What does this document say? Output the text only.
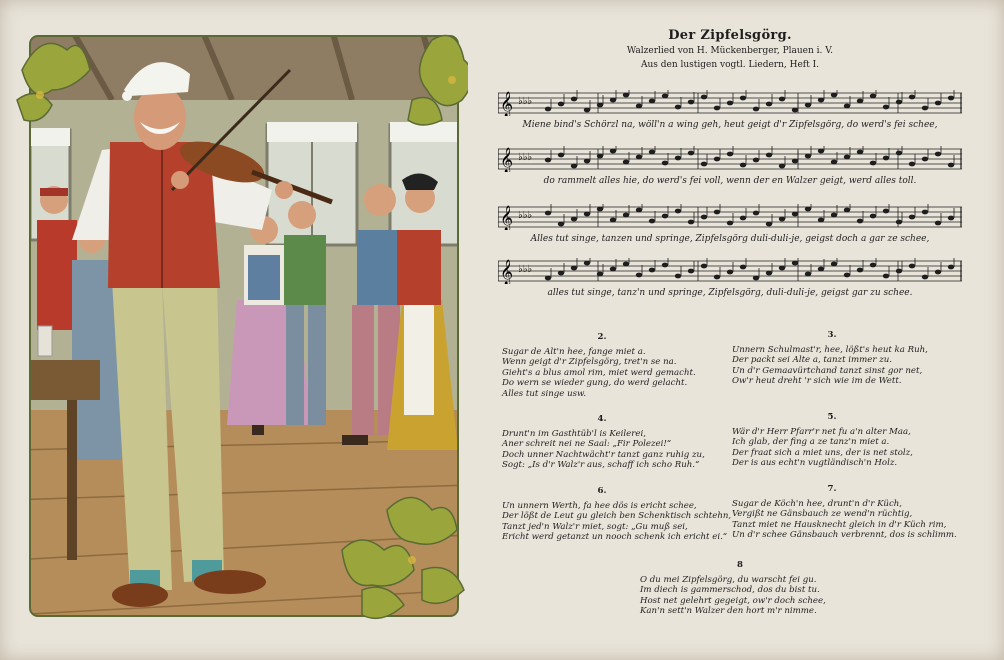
Der Zipfelsgörg.
Walzerlied von H. Mückenberger, Plauen i. V.
Aus den lustigen vogtl. Liedern, Heft I.
𝄞 ♭♭♭
Miene bind's Schörzl na, wöll'n a wing geh, heut geigt d'r Zipfelsgörg, do werd's fei schee,
𝄞 ♭♭♭
do rammelt alles hie, do werd's fei voll, wenn der en Walzer geigt, werd alles toll.
𝄞 ♭♭♭
Alles tut singe, tanzen und springe, Zipfelsgörg duli-duli-je, geigst doch a gar ze schee,
𝄞 ♭♭♭
alles tut singe, tanz'n und springe, Zipfelsgörg, duli-duli-je, geigst gar zu schee.
2.
Sugar de Alt'n hee, fange miet a.
Wenn geigt d'r Zipfelsgörg, tret'n se na.
Gieht's a blus amol rim, miet werd gemacht.
Do wern se wieder gung, do werd gelacht.
Alles tut singe usw.
3.
Unnern Schulmast'r, hee, lößt's heut ka Ruh,
Der packt sei Alte a, tanzt immer zu.
Un d'r Gemaavürtchand tanzt sinst gor net,
Ow'r heut dreht 'r sich wie im de Wett.
4.
Drunt'n im Gasthtüb'l is Keilerei,
Aner schreit nei ne Saal: „Fir Polezei!“
Doch unner Nachtwächt'r tanzt ganz ruhig zu,
Sogt: „Is d'r Walz'r aus, schaff ich scho Ruh.“
5.
Wär d'r Herr Pfarr'r net fu a'n alter Maa,
Ich glab, der fing a ze tanz'n miet a.
Der fraat sich a miet uns, der is net stolz,
Der is aus echt'n vugtländisch'n Holz.
6.
Un unnern Werth, fa hee dös is ericht schee,
Der lößt de Leut gu gleich ben Schenktisch schtehn,
Tanzt jed'n Walz'r miet, sogt: „Gu muß sei,
Ericht werd getanzt un nooch schenk ich ericht ei.“
7.
Sugar de Köch'n hee, drunt'n d'r Küch,
Vergißt ne Gänsbauch ze wend'n rüchtig,
Tanzt miet ne Hausknecht gleich in d'r Küch rim,
Un d'r schee Gänsbauch verbrennt, dos is schlimm.
8
O du mei Zipfelsgörg, du warscht fei gu.
Im diech is gammerschod, dos du bist tu.
Host net gelehrt gegeigt, ow'r doch schee,
Kan'n sett'n Walzer den hort m'r nimme.
